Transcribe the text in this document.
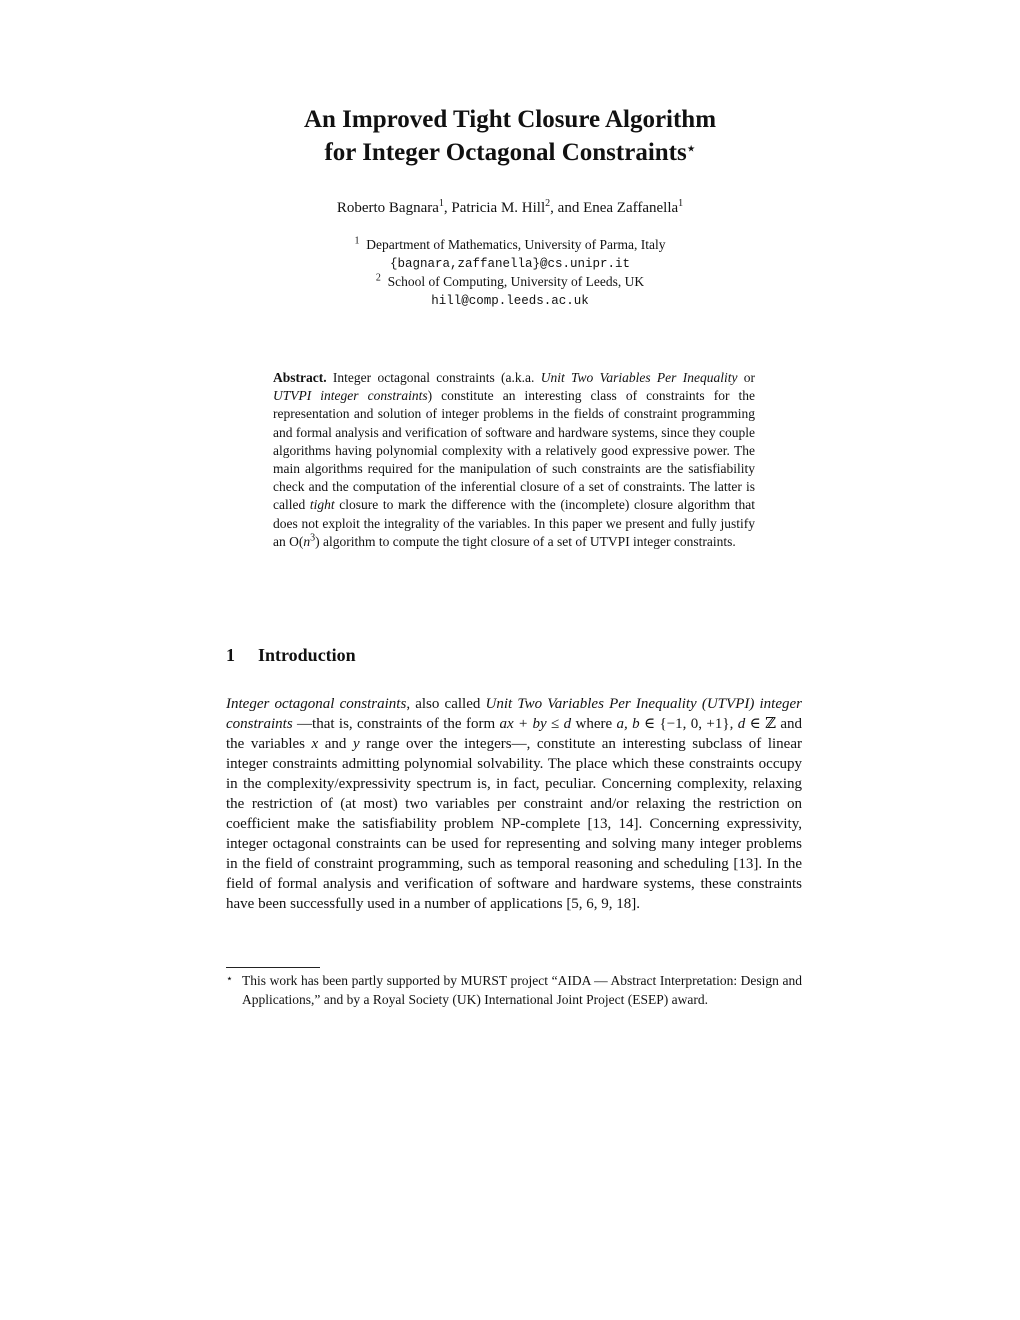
An Improved Tight Closure Algorithm
for Integer Octagonal Constraints⋆
Roberto Bagnara$^1$, Patricia M. Hill$^2$, and Enea Zaffanella$^1$
$^1$ Department of Mathematics, University of Parma, Italy
{bagnara,zaffanella}@cs.unipr.it
$^2$ School of Computing, University of Leeds, UK
hill@comp.leeds.ac.uk
Abstract. Integer octagonal constraints (a.k.a. Unit Two Variables Per Inequality or UTVPI integer constraints) constitute an interesting class of constraints for the representation and solution of integer problems in the fields of constraint programming and formal analysis and verification of software and hardware systems, since they couple algorithms having polynomial complexity with a relatively good expressive power. The main algorithms required for the manipulation of such constraints are the satisfiability check and the computation of the inferential closure of a set of constraints. The latter is called tight closure to mark the difference with the (incomplete) closure algorithm that does not exploit the integrality of the variables. In this paper we present and fully justify an $O(n^3)$ algorithm to compute the tight closure of a set of UTVPI integer constraints.
1 Introduction
Integer octagonal constraints, also called Unit Two Variables Per Inequality (UTVPI) integer constraints —that is, constraints of the form ax + by ≤ d where a, b ∈ {−1, 0, +1}, d ∈ ℤ and the variables x and y range over the integers—, constitute an interesting subclass of linear integer constraints admitting polynomial solvability. The place which these constraints occupy in the complexity/expressivity spectrum is, in fact, peculiar. Concerning complexity, relaxing the restriction of (at most) two variables per constraint and/or relaxing the restriction on coefficient make the satisfiability problem NP-complete [13, 14]. Concerning expressivity, integer octagonal constraints can be used for representing and solving many integer problems in the field of constraint programming, such as temporal reasoning and scheduling [13]. In the field of formal analysis and verification of software and hardware systems, these constraints have been successfully used in a number of applications [5, 6, 9, 18].
⋆ This work has been partly supported by MURST project “AIDA — Abstract Interpretation: Design and Applications,” and by a Royal Society (UK) International Joint Project (ESEP) award.
